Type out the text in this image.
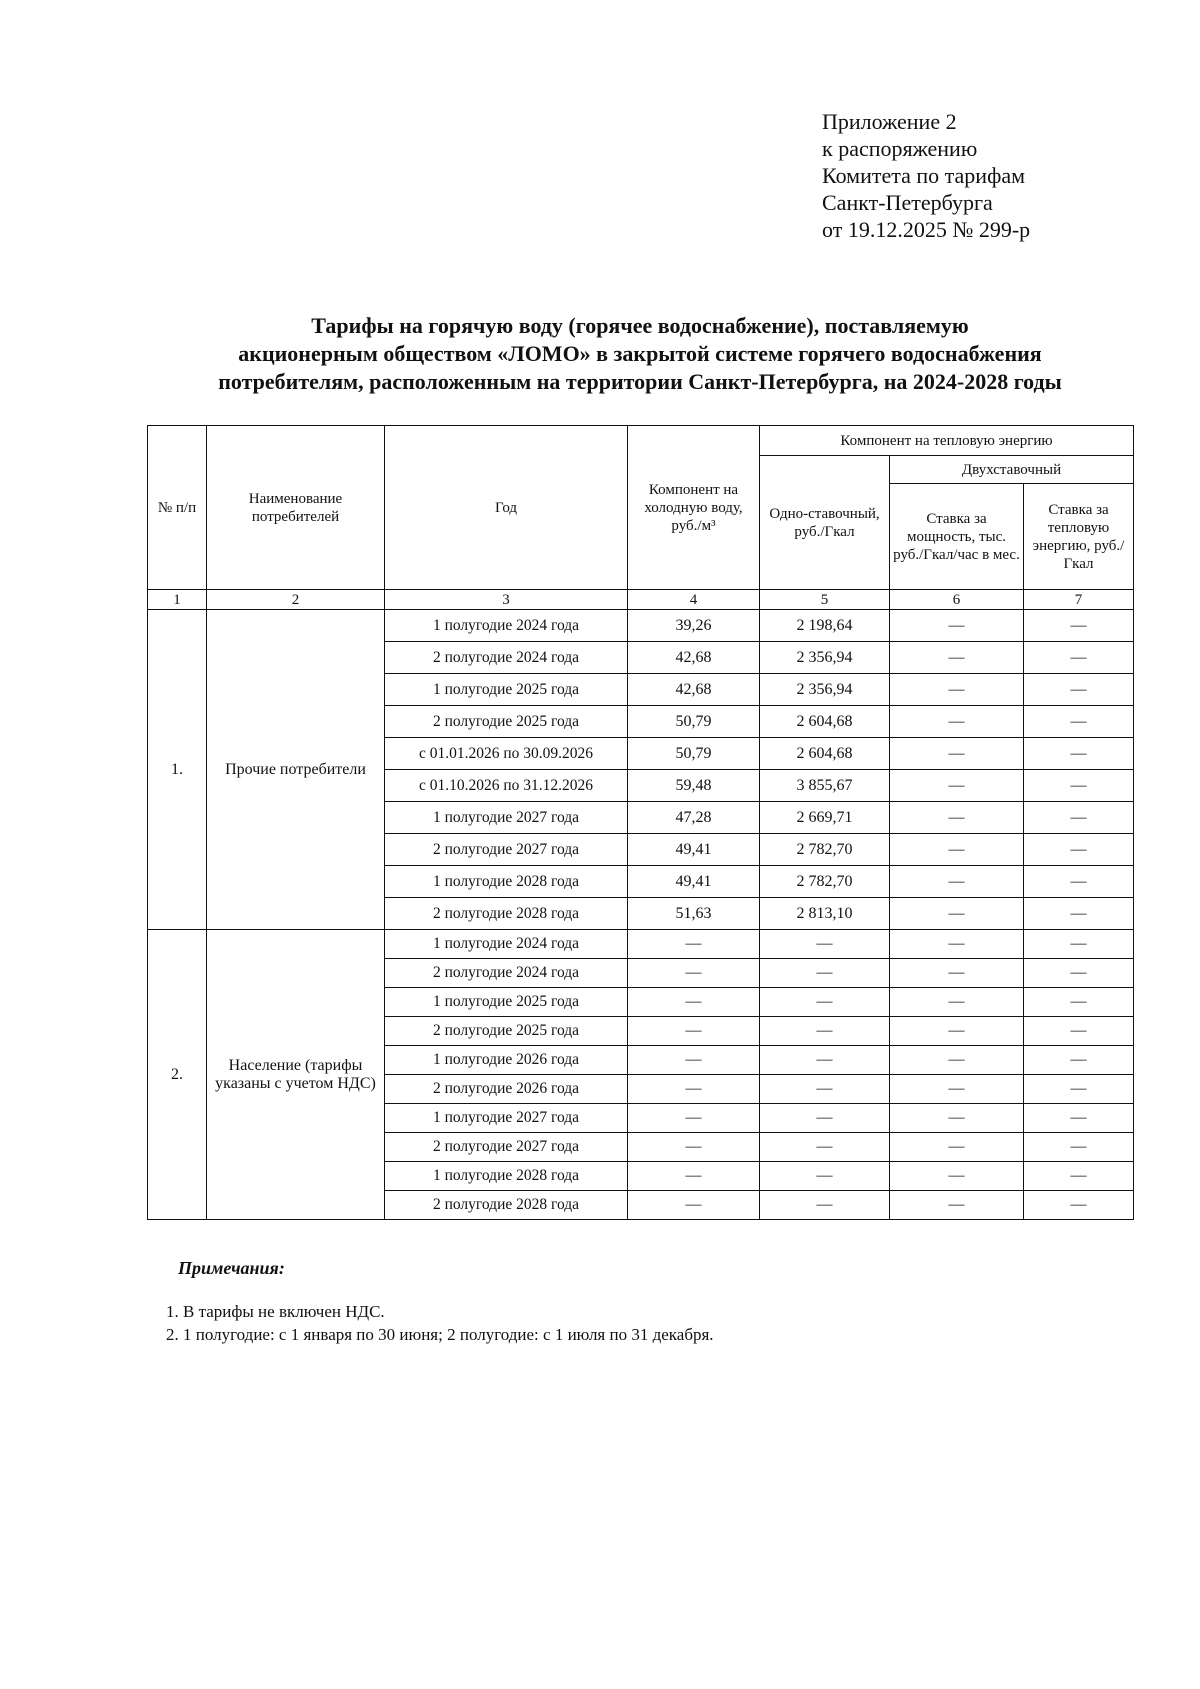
Приложение 2
к распоряжению
Комитета по тарифам
Санкт-Петербурга
от 19.12.2025 № 299-р
Тарифы на горячую воду (горячее водоснабжение), поставляемую
акционерным обществом «ЛОМО» в закрытой системе горячего водоснабжения
потребителям, расположенным на территории Санкт-Петербурга, на 2024-2028 годы
№ п/п	Наименование потребителей	Год	Компонент на холодную воду, руб./м³	Компонент на тепловую энергию		
				Одно-ставочный, руб./Гкал	Двухставочный	
					Ставка за мощность, тыс. руб./Гкал/час в мес.	Ставка за тепловую энергию, руб./Гкал
1	2	3	4	5	6	7
1.	Прочие потребители	1 полугодие 2024 года	39,26	2 198,64	—	—
		2 полугодие 2024 года	42,68	2 356,94	—	—
		1 полугодие 2025 года	42,68	2 356,94	—	—
		2 полугодие 2025 года	50,79	2 604,68	—	—
		с 01.01.2026 по 30.09.2026	50,79	2 604,68	—	—
		с 01.10.2026 по 31.12.2026	59,48	3 855,67	—	—
		1 полугодие 2027 года	47,28	2 669,71	—	—
		2 полугодие 2027 года	49,41	2 782,70	—	—
		1 полугодие 2028 года	49,41	2 782,70	—	—
		2 полугодие 2028 года	51,63	2 813,10	—	—
2.	Население (тарифы указаны с учетом НДС)	1 полугодие 2024 года	—	—	—	—
		2 полугодие 2024 года	—	—	—	—
		1 полугодие 2025 года	—	—	—	—
		2 полугодие 2025 года	—	—	—	—
		1 полугодие 2026 года	—	—	—	—
		2 полугодие 2026 года	—	—	—	—
		1 полугодие 2027 года	—	—	—	—
		2 полугодие 2027 года	—	—	—	—
		1 полугодие 2028 года	—	—	—	—
		2 полугодие 2028 года	—	—	—	—
Примечания:
1. В тарифы не включен НДС.
2. 1 полугодие: с 1 января по 30 июня; 2 полугодие: с 1 июля по 31 декабря.
